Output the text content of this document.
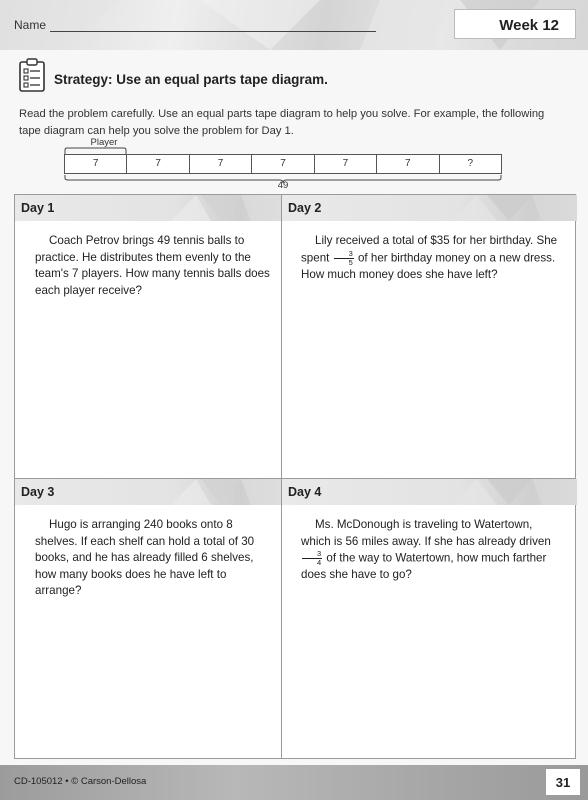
Name	Week 12
Strategy: Use an equal parts tape diagram.
Read the problem carefully. Use an equal parts tape diagram to help you solve. For example, the following tape diagram can help you solve the problem for Day 1.
Player
7	7	7	7	7	7	?
49
Day 1
Coach Petrov brings 49 tennis balls to practice. He distributes them evenly to the team's 7 players. How many tennis balls does each player receive?
Day 2
Lily received a total of $35 for her birthday. She spent $\frac{3}{5}$ of her birthday money on a new dress. How much money does she have left?
Day 3
Hugo is arranging 240 books onto 8 shelves. If each shelf can hold a total of 30 books, and he has already filled 6 shelves, how many books does he have left to arrange?
Day 4
Ms. McDonough is traveling to Watertown, which is 56 miles away. If she has already driven
$\frac{3}{4}$ of the way to Watertown, how much farther does she have to go?
CD-105012 • © Carson-Dellosa	31
